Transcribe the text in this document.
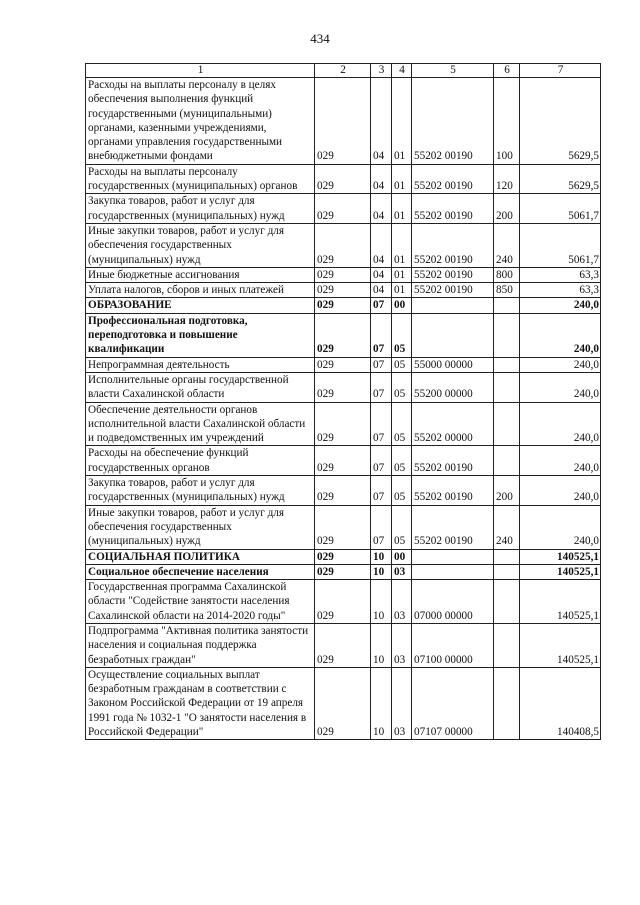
434
1	2	3	4	5	6	7
Расходы на выплаты персоналу в целях обеспечения выполнения функций государственными (муниципальными) органами, казенными учреждениями, органами управления государственными внебюджетными фондами	029	04	01	55202 00190	100	5629,5
Расходы на выплаты персоналу государственных (муниципальных) органов	029	04	01	55202 00190	120	5629,5
Закупка товаров, работ и услуг для государственных (муниципальных) нужд	029	04	01	55202 00190	200	5061,7
Иные закупки товаров, работ и услуг для обеспечения государственных (муниципальных) нужд	029	04	01	55202 00190	240	5061,7
Иные бюджетные ассигнования	029	04	01	55202 00190	800	63,3
Уплата налогов, сборов и иных платежей	029	04	01	55202 00190	850	63,3
ОБРАЗОВАНИЕ	029	07	00			240,0
Профессиональная подготовка, переподготовка и повышение квалификации	029	07	05			240,0
Непрограммная деятельность	029	07	05	55000 00000		240,0
Исполнительные органы государственной власти Сахалинской области	029	07	05	55200 00000		240,0
Обеспечение деятельности органов исполнительной власти Сахалинской области и подведомственных им учреждений	029	07	05	55202 00000		240,0
Расходы на обеспечение функций государственных органов	029	07	05	55202 00190		240,0
Закупка товаров, работ и услуг для государственных (муниципальных) нужд	029	07	05	55202 00190	200	240,0
Иные закупки товаров, работ и услуг для обеспечения государственных (муниципальных) нужд	029	07	05	55202 00190	240	240,0
СОЦИАЛЬНАЯ ПОЛИТИКА	029	10	00			140525,1
Социальное обеспечение населения	029	10	03			140525,1
Государственная программа Сахалинской области "Содействие занятости населения Сахалинской области на 2014-2020 годы"	029	10	03	07000 00000		140525,1
Подпрограмма "Активная политика занятости населения и социальная поддержка безработных граждан"	029	10	03	07100 00000		140525,1
Осуществление социальных выплат безработным гражданам в соответствии с Законом Российской Федерации от 19 апреля 1991 года № 1032-1 "О занятости населения в Российской Федерации"	029	10	03	07107 00000		140408,5
